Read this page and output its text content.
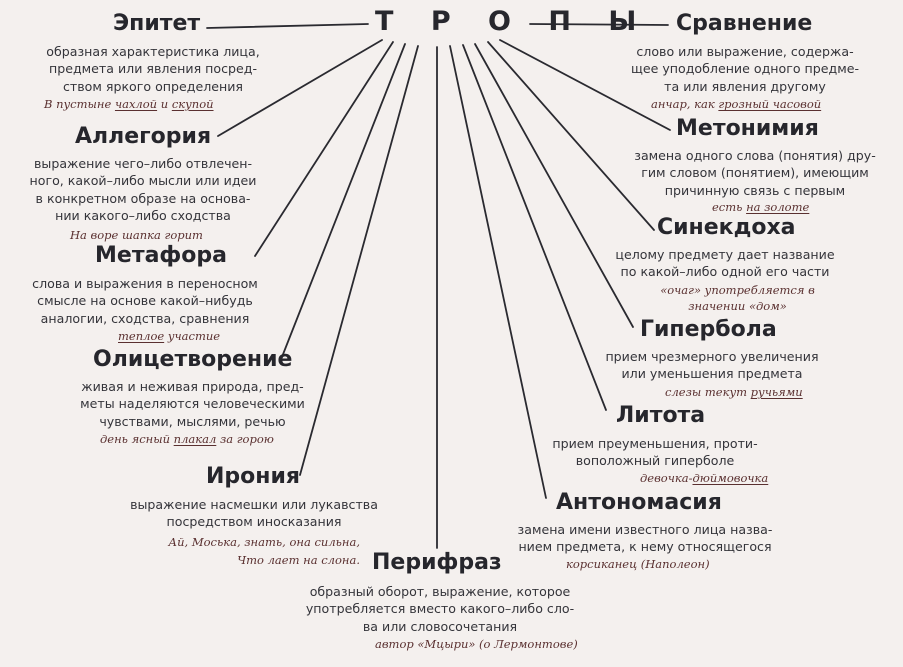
Т Р О П Ы
Эпитет
образная характеристика лица,
предмета или явления посред-
ством яркого определения
В пустыне чахлой и скупой
Аллегория
выражение чего–либо отвлечен-
ного, какой–либо мысли или идеи
в конкретном образе на основа-
нии какого–либо сходства
На воре шапка горит
Метафора
слова и выражения в переносном
смысле на основе какой–нибудь
аналогии, сходства, сравнения
теплое участие
Олицетворение
живая и неживая природа, пред-
меты наделяются человеческими
чувствами, мыслями, речью
день ясный плакал за горою
Ирония
выражение насмешки или лукавства
посредством иносказания
Ай, Моська, знать, она сильна,
Что лает на слона. Перифраз
образный оборот, выражение, которое
употребляется вместо какого–либо сло-
ва или словосочетания
автор «Мцыри» (о Лермонтове)
Сравнение
слово или выражение, содержа-
щее уподобление одного предме-
та или явления другому
анчар, как грозный часовой
Метонимия
замена одного слова (понятия) дру-
гим словом (понятием), имеющим
причинную связь с первым
есть на золоте
Синекдоха
целому предмету дает название
по какой–либо одной его части
«очаг» употребляется в
значении «дом»
Гипербола
прием чрезмерного увеличения
или уменьшения предмета
слезы текут ручьями
Литота
прием преуменьшения, проти-
воположный гиперболе
девочка-дюймовочка
Антономасия
замена имени известного лица назва-
нием предмета, к нему относящегося
корсиканец (Наполеон)
